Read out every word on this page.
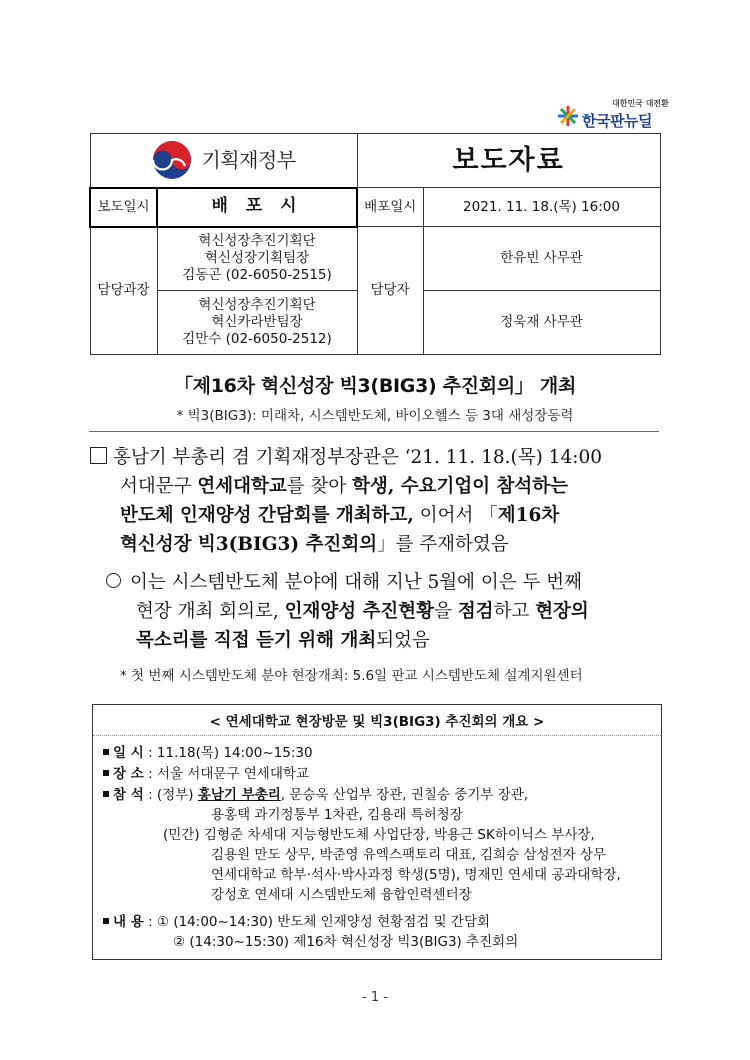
대한민국 대전환
한국판뉴딜
기획재정부		보도자료	
보도일시	배 포 시	배포일시	2021. 11. 18.(목) 16:00
담당과장	혁신성장추진기획단
혁신성장기획팀장
김동곤 (02-6050-2515)	담당자	한유빈 사무관

	혁신성장추진기획단
혁신카라반팀장
김만수 (02-6050-2512)		정욱재 사무관
「제16차 혁신성장 빅3(BIG3) 추진회의」 개최
* 빅3(BIG3): 미래차, 시스템반도체, 바이오헬스 등 3대 새성장동력
홍남기 부총리 겸 기획재정부장관은 ‘21. 11. 18.(목) 14:00
서대문구 연세대학교를 찾아 학생, 수요기업이 참석하는
반도체 인재양성 간담회를 개최하고, 이어서 「제16차
혁신성장 빅3(BIG3) 추진회의」를 주재하였음
이는 시스템반도체 분야에 대해 지난 5월에 이은 두 번째
현장 개최 회의로, 인재양성 추진현황을 점검하고 현장의
목소리를 직접 듣기 위해 개최되었음
* 첫 번째 시스템반도체 분야 현장개최: 5.6일 판교 시스템반도체 설계지원센터
< 연세대학교 현장방문 및 빅3(BIG3) 추진회의 개요 >
일 시 : 11.18(목) 14:00~15:30
장 소 : 서울 서대문구 연세대학교
참 석 : (정부) 홍남기 부총리, 문승욱 산업부 장관, 권칠승 중기부 장관,
용홍택 과기정통부 1차관, 김용래 특허청장
(민간) 김형준 차세대 지능형반도체 사업단장, 박용근 SK하이닉스 부사장,
김용원 만도 상무, 박준영 유엑스팩토리 대표, 김희승 삼성전자 상무
연세대학교 학부·석사·박사과정 학생(5명), 명재민 연세대 공과대학장,
강성호 연세대 시스템반도체 융합인력센터장
내 용 : ① (14:00~14:30) 반도체 인재양성 현황점검 및 간담회
② (14:30~15:30) 제16차 혁신성장 빅3(BIG3) 추진회의
- 1 -
